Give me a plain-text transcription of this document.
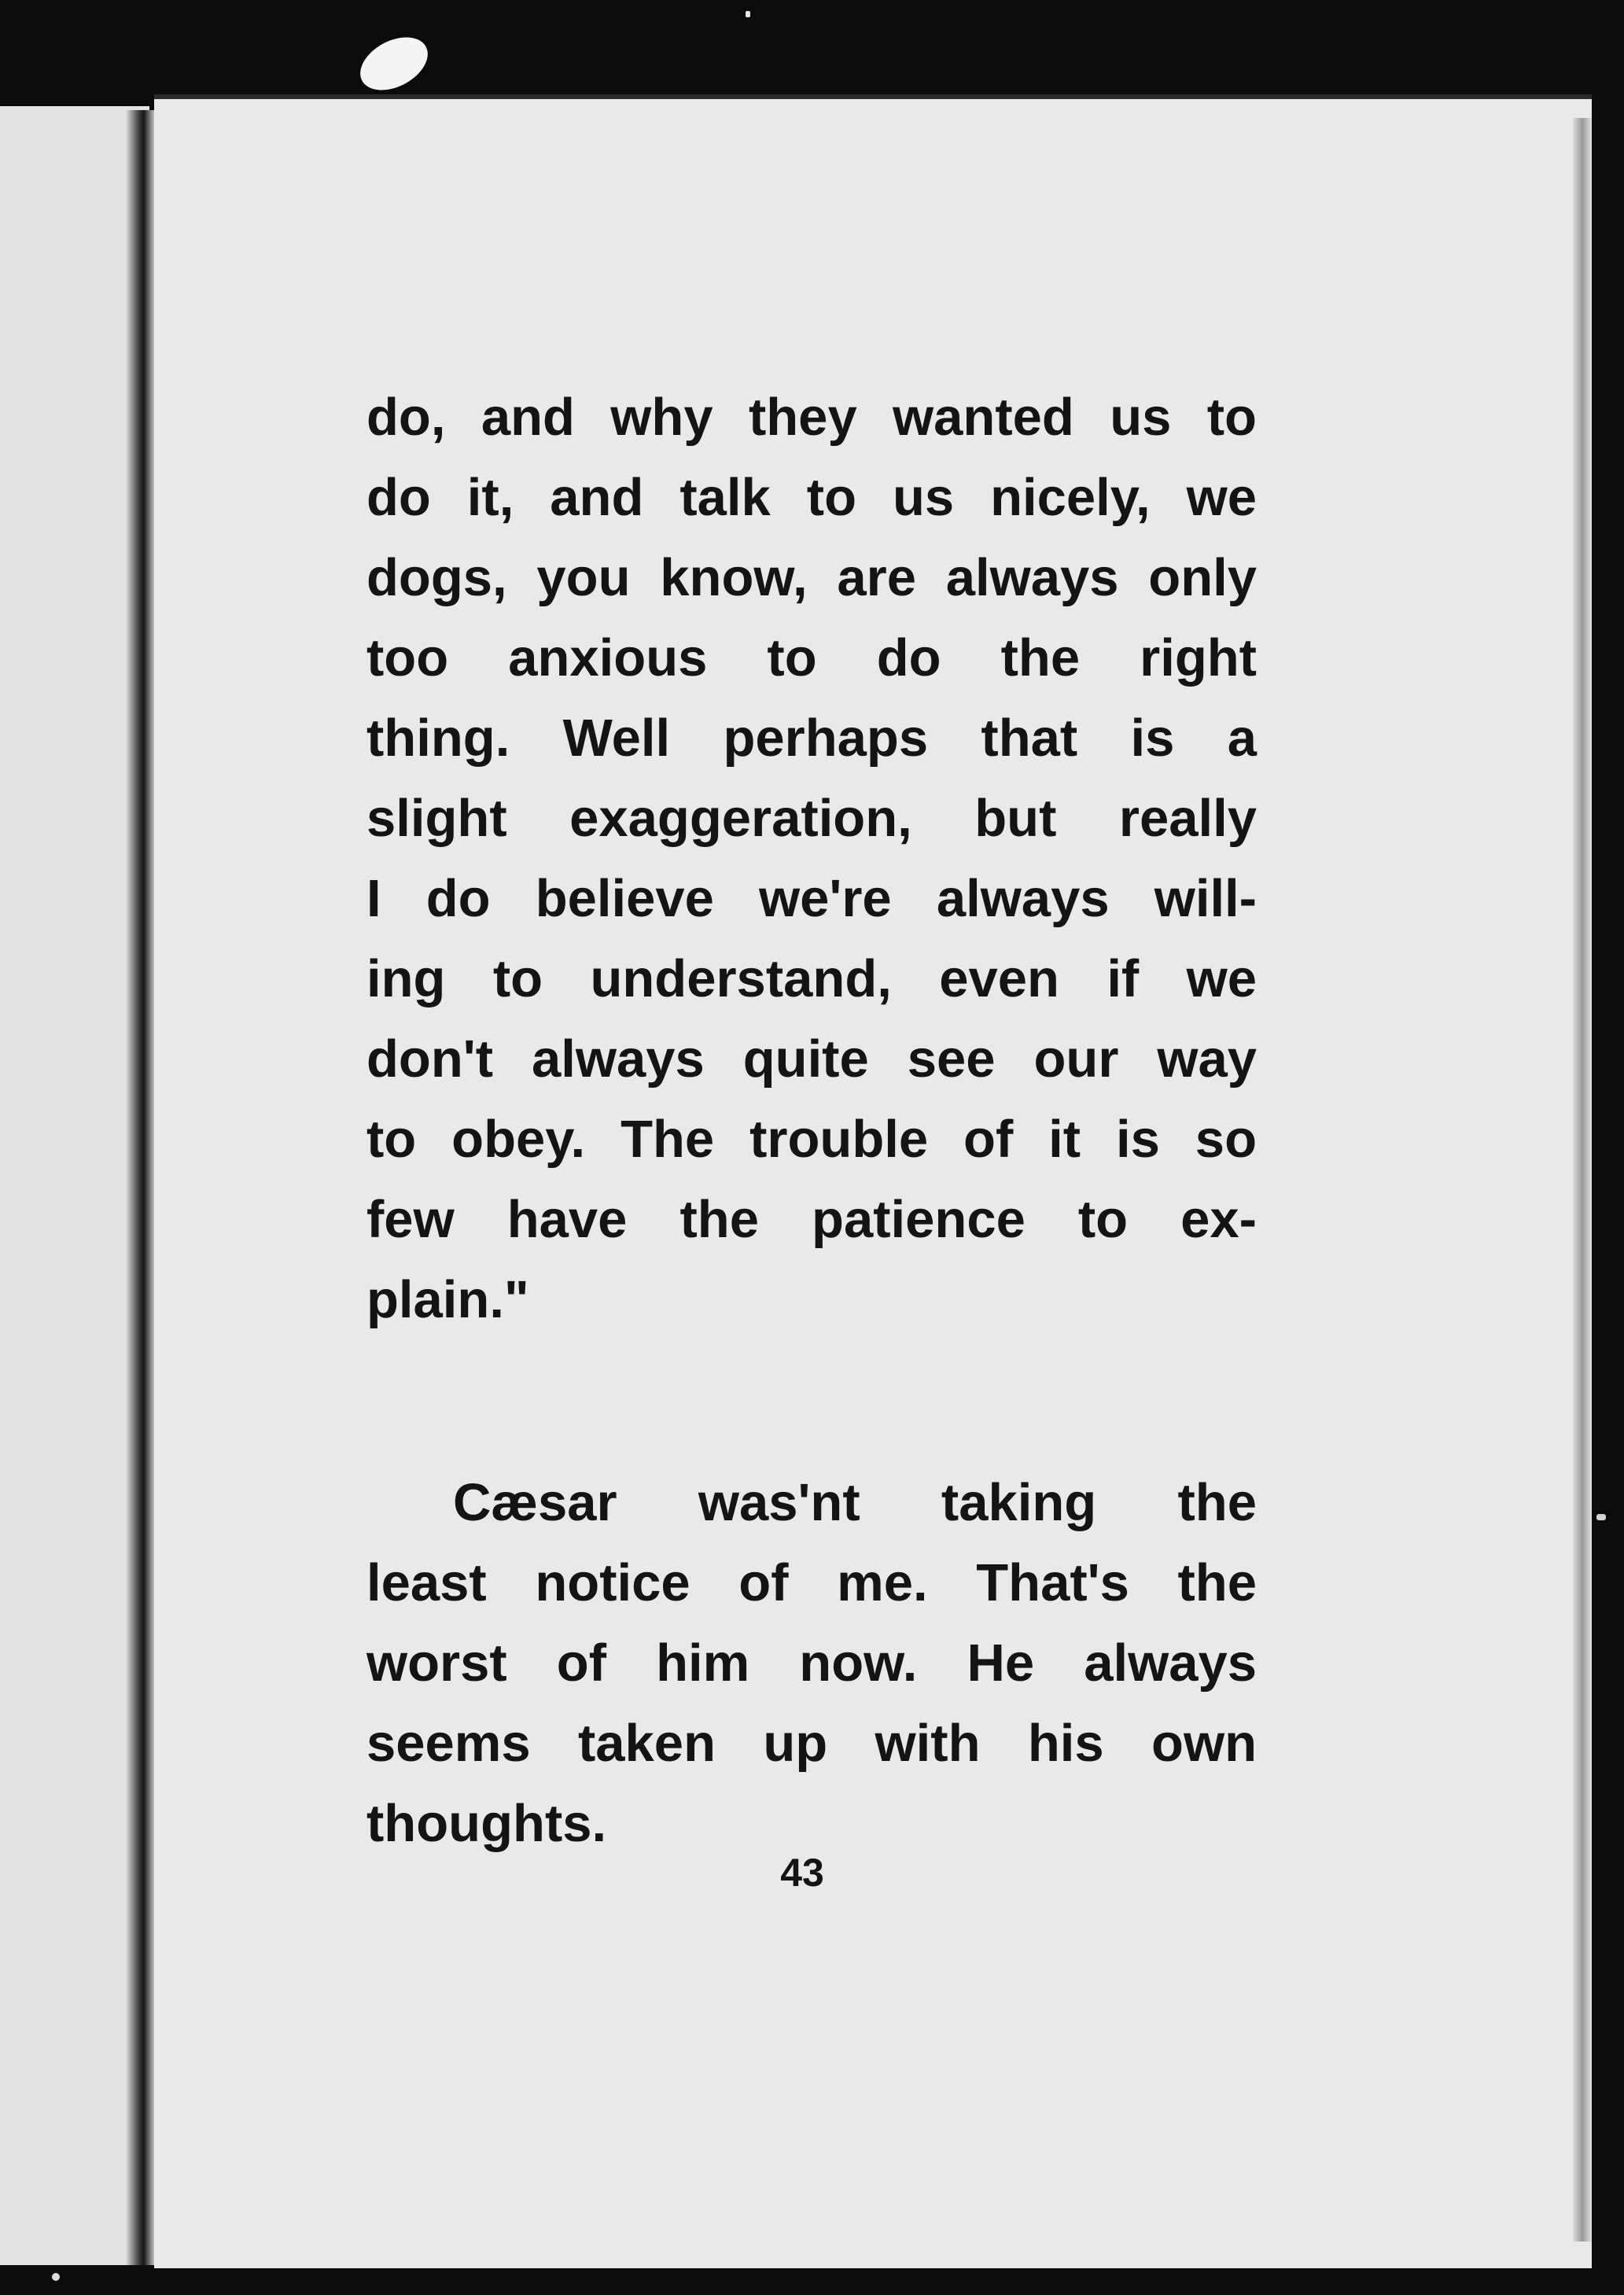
do, and why they wanted us to
do it, and talk to us nicely, we
dogs, you know, are always only
too anxious to do the right
thing. Well perhaps that is a
slight exaggeration, but really
I do believe we're always will-
ing to understand, even if we
don't always quite see our way
to obey. The trouble of it is so
few have the patience to ex-
plain."
Cæsar was'nt taking the
least notice of me. That's the
worst of him now. He always
seems taken up with his own
thoughts.
43
